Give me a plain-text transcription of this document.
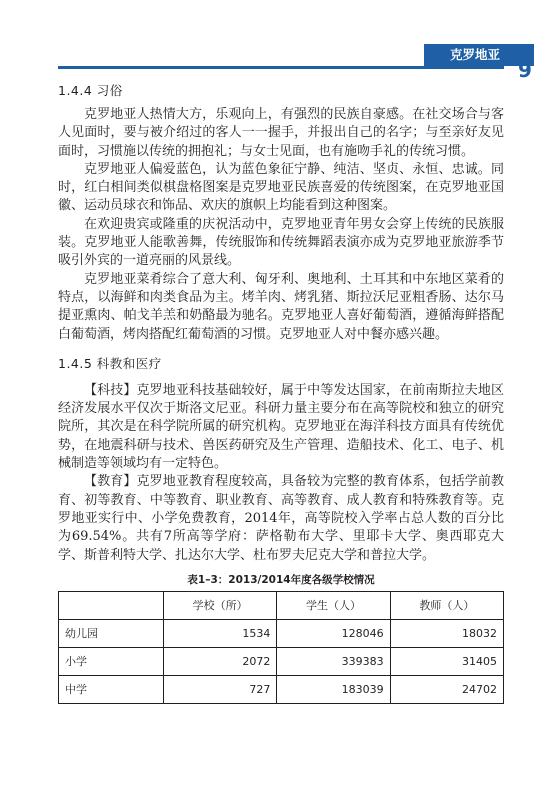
克罗地亚
9
1.4.4 习俗

克罗地亚人热情大方，乐观向上，有强烈的民族自豪感。在社交场合与客人见面时，要与被介绍过的客人一一握手，并报出自己的名字；与至亲好友见面时，习惯施以传统的拥抱礼；与女士见面，也有施吻手礼的传统习惯。

克罗地亚人偏爱蓝色，认为蓝色象征宁静、纯洁、坚贞、永恒、忠诚。同时，红白相间类似棋盘格图案是克罗地亚民族喜爱的传统图案，在克罗地亚国徽、运动员球衣和饰品、欢庆的旗帜上均能看到这种图案。

在欢迎贵宾或隆重的庆祝活动中，克罗地亚青年男女会穿上传统的民族服装。克罗地亚人能歌善舞，传统服饰和传统舞蹈表演亦成为克罗地亚旅游季节吸引外宾的一道亮丽的风景线。

克罗地亚菜肴综合了意大利、匈牙利、奥地利、土耳其和中东地区菜肴的特点，以海鲜和肉类食品为主。烤羊肉、烤乳猪、斯拉沃尼亚粗香肠、达尔马提亚熏肉、帕戈羊羔和奶酪最为驰名。克罗地亚人喜好葡萄酒，遵循海鲜搭配白葡萄酒，烤肉搭配红葡萄酒的习惯。克罗地亚人对中餐亦感兴趣。

1.4.5 科教和医疗

【科技】克罗地亚科技基础较好，属于中等发达国家，在前南斯拉夫地区经济发展水平仅次于斯洛文尼亚。科研力量主要分布在高等院校和独立的研究院所，其次是在科学院所属的研究机构。克罗地亚在海洋科技方面具有传统优势，在地震科研与技术、兽医药研究及生产管理、造船技术、化工、电子、机械制造等领域均有一定特色。

【教育】克罗地亚教育程度较高，具备较为完整的教育体系，包括学前教育、初等教育、中等教育、职业教育、高等教育、成人教育和特殊教育等。克罗地亚实行中、小学免费教育，2014年，高等院校入学率占总人数的百分比为69.54%。共有7所高等学府：萨格勒布大学、里耶卡大学、奥西耶克大学、斯普利特大学、扎达尔大学、杜布罗夫尼克大学和普拉大学。

表1–3：2013/2014年度各级学校情况
	学校（所）	学生（人）	教师（人）
幼儿园	1534	128046	18032
小学	2072	339383	31405
中学	727	183039	24702
